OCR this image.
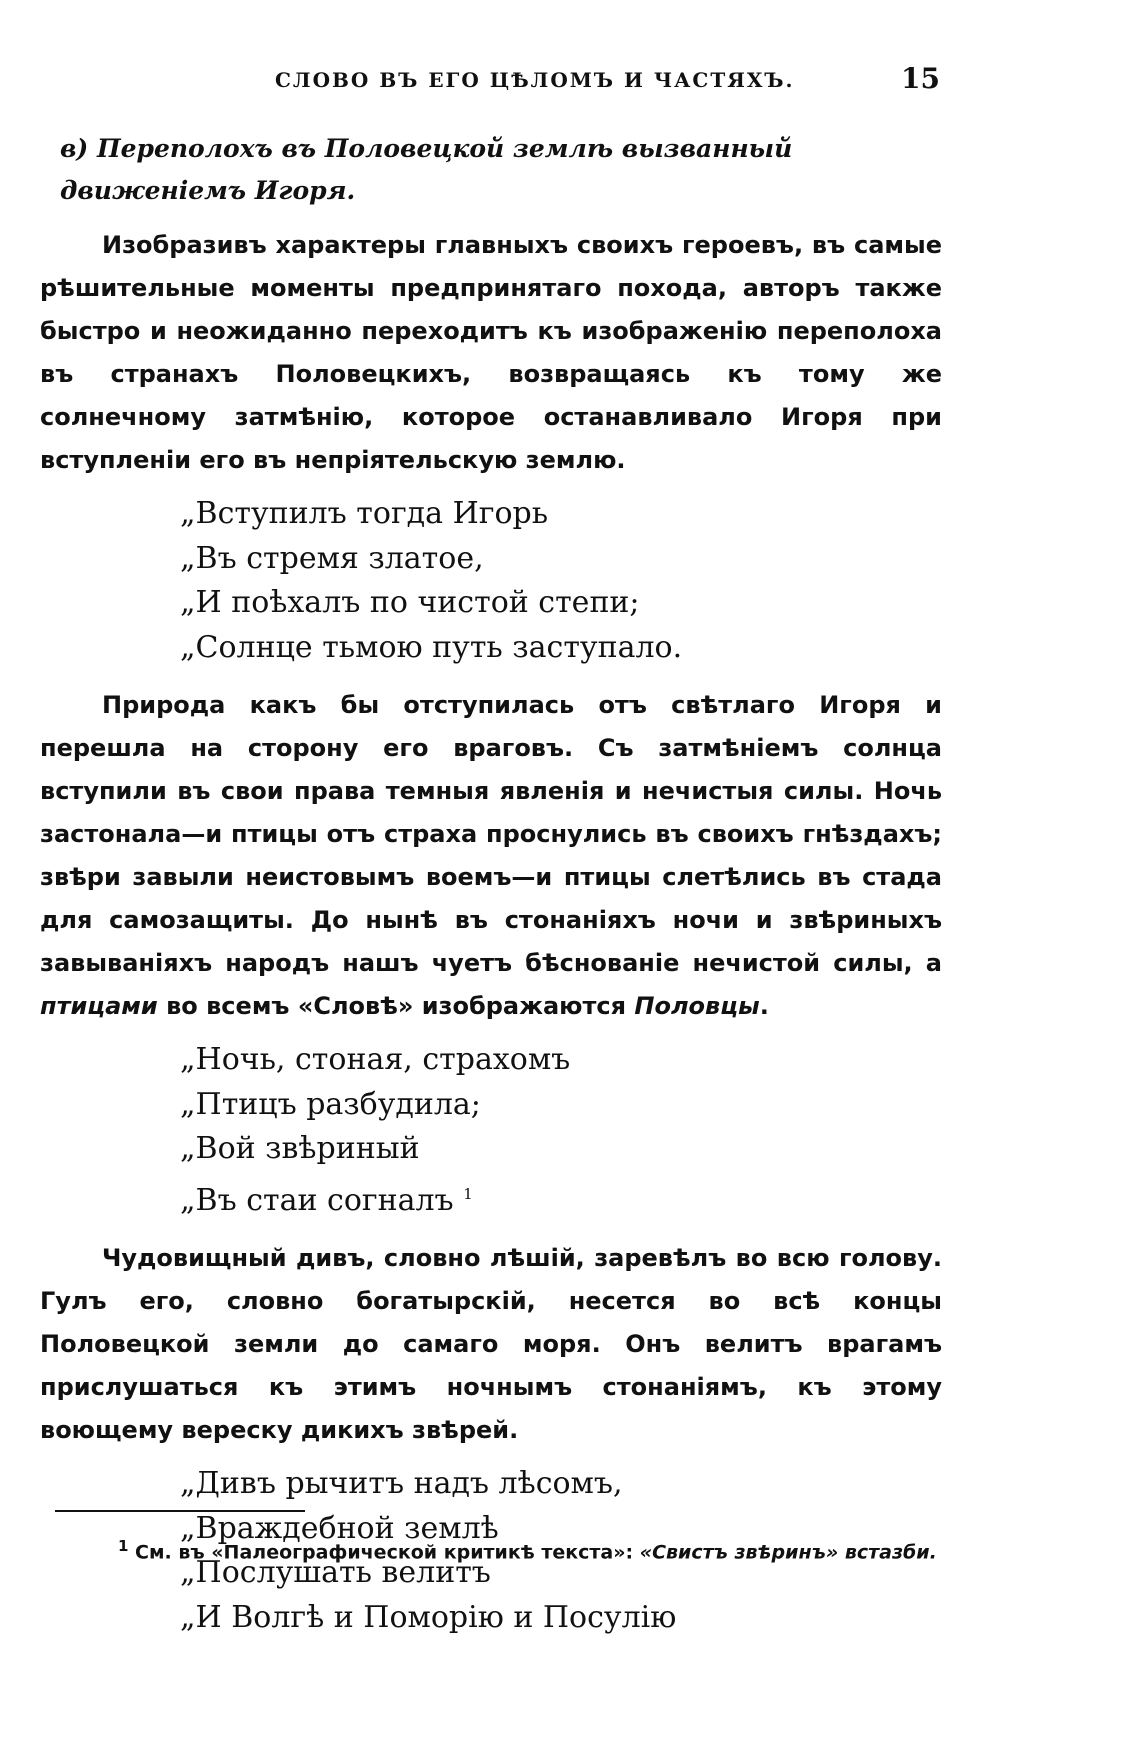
СЛОВО ВЪ ЕГО ЦѢЛОМЪ И ЧАСТЯХЪ.	15
в) Переполохъ въ Половецкой землѣ вызванный движеніемъ Игоря.

Изобразивъ характеры главныхъ своихъ героевъ, въ самые рѣшительные моменты предпринятаго похода, авторъ также быстро и неожиданно переходитъ къ изображенію переполоха въ странахъ Половецкихъ, возвращаясь къ тому же солнечному затмѣнію, которое останавливало Игоря при вступленіи его въ непріятельскую землю.

„Вступилъ тогда Игорь
„Въ стремя златое,
„И поѣхалъ по чистой степи;
„Солнце тьмою путь заступало.

Природа какъ бы отступилась отъ свѣтлаго Игоря и перешла на сторону его враговъ. Съ затмѣніемъ солнца вступили въ свои права темныя явленія и нечистыя силы. Ночь застонала—и птицы отъ страха проснулись въ своихъ гнѣздахъ; звѣри завыли неистовымъ воемъ—и птицы слетѣлись въ стада для самозащиты. До нынѣ въ стонаніяхъ ночи и звѣриныхъ завываніяхъ народъ нашъ чуетъ бѣснованіе нечистой силы, а птицами во всемъ «Словѣ» изображаются Половцы.

„Ночь, стоная, страхомъ
„Птицъ разбудила;
„Вой звѣриный
„Въ стаи согналъ $^1$

Чудовищный дивъ, словно лѣшій, заревѣлъ во всю голову. Гулъ его, словно богатырскій, несется во всѣ концы Половецкой земли до самаго моря. Онъ велитъ врагамъ прислушаться къ этимъ ночнымъ стонаніямъ, къ этому воющему вереску дикихъ звѣрей.

„Дивъ рычитъ надъ лѣсомъ,
„Враждебной землѣ
„Послушать велитъ
„И Волгѣ и Поморію и Посулію
$^1$ См. въ «Палеографической критикѣ текста»: «Свистъ звѣринъ» встазби.
